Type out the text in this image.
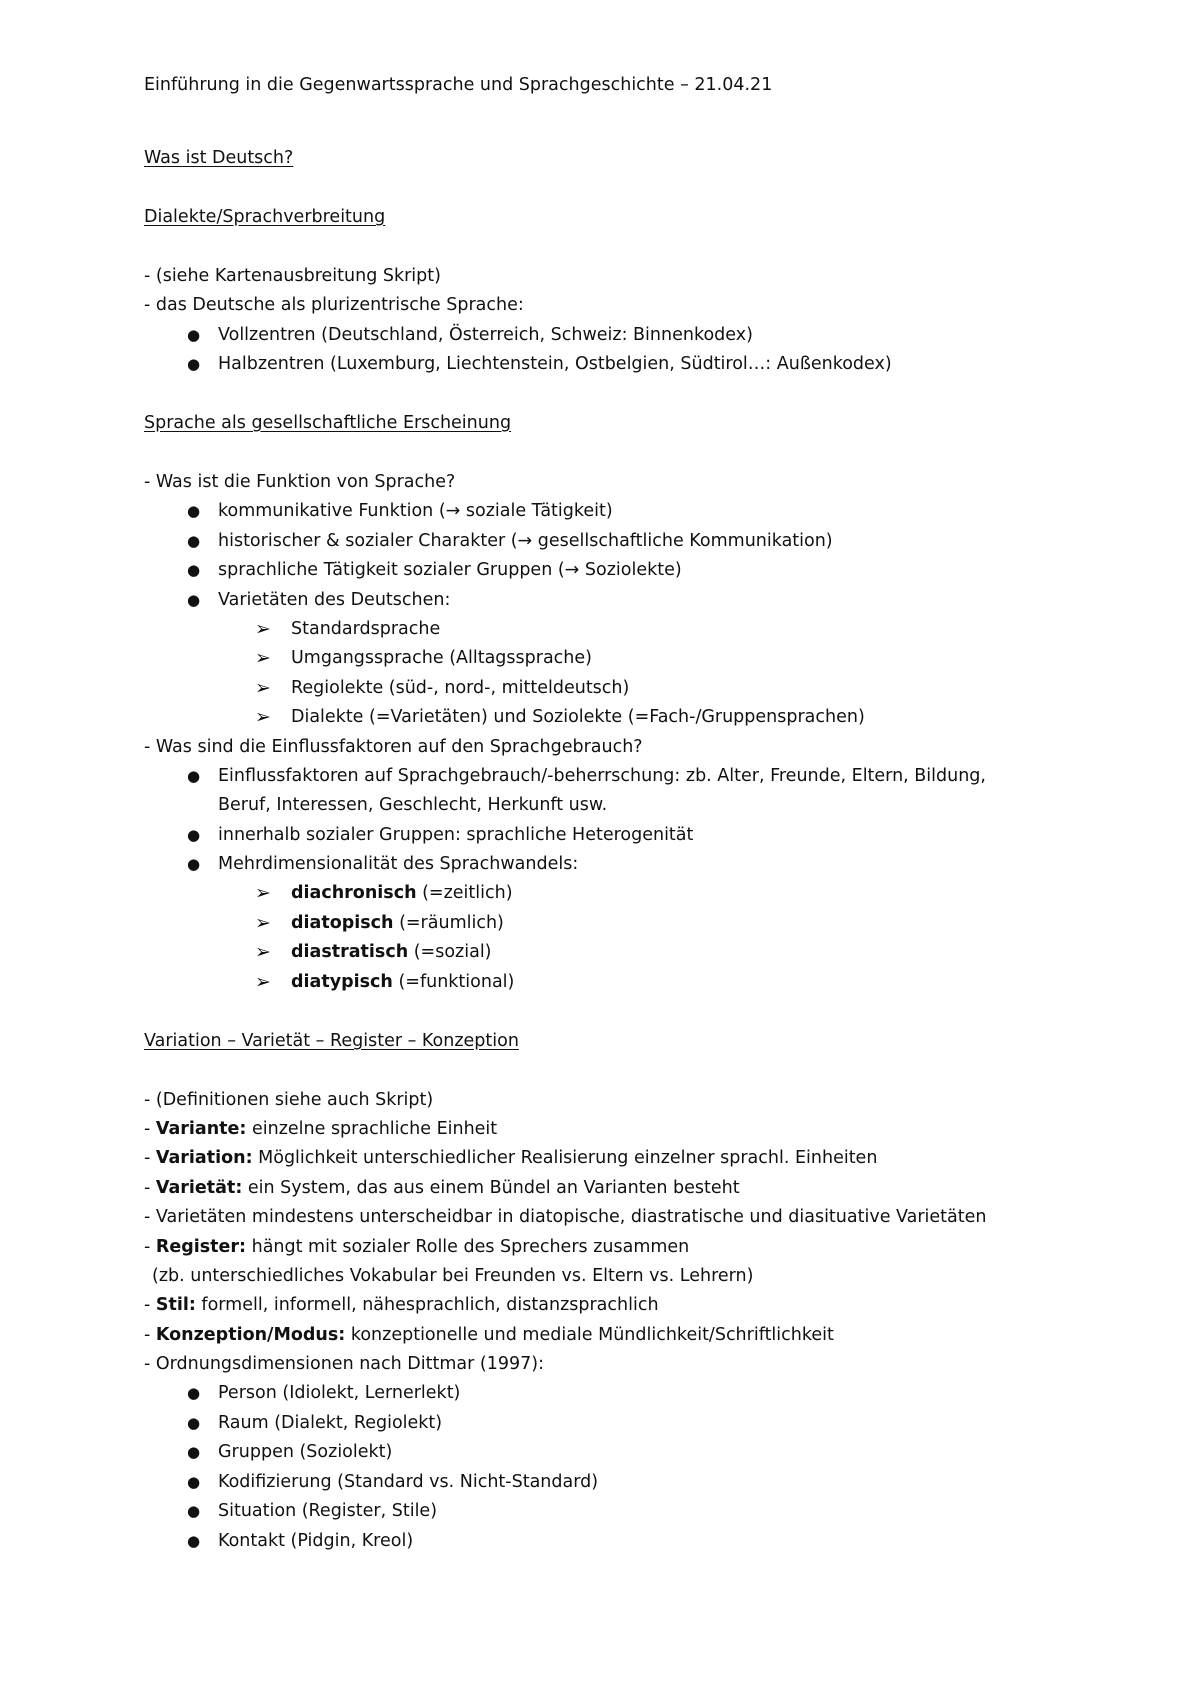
Einführung in die Gegenwartssprache und Sprachgeschichte – 21.04.21
Was ist Deutsch?
Dialekte/Sprachverbreitung
- (siehe Kartenausbreitung Skript)
- das Deutsche als plurizentrische Sprache:
● Vollzentren (Deutschland, Österreich, Schweiz: Binnenkodex)
● Halbzentren (Luxemburg, Liechtenstein, Ostbelgien, Südtirol…: Außenkodex)
Sprache als gesellschaftliche Erscheinung
- Was ist die Funktion von Sprache?
● kommunikative Funktion (→ soziale Tätigkeit)
● historischer & sozialer Charakter (→ gesellschaftliche Kommunikation)
● sprachliche Tätigkeit sozialer Gruppen (→ Soziolekte)
● Varietäten des Deutschen:
➢ Standardsprache
➢ Umgangssprache (Alltagssprache)
➢ Regiolekte (süd-, nord-, mitteldeutsch)
➢ Dialekte (=Varietäten) und Soziolekte (=Fach-/Gruppensprachen)
- Was sind die Einflussfaktoren auf den Sprachgebrauch?
● Einflussfaktoren auf Sprachgebrauch/-beherrschung: zb. Alter, Freunde, Eltern, Bildung,
Beruf, Interessen, Geschlecht, Herkunft usw.
● innerhalb sozialer Gruppen: sprachliche Heterogenität
● Mehrdimensionalität des Sprachwandels:
➢ diachronisch (=zeitlich)
➢ diatopisch (=räumlich)
➢ diastratisch (=sozial)
➢ diatypisch (=funktional)
Variation – Varietät – Register – Konzeption
- (Definitionen siehe auch Skript)
- Variante: einzelne sprachliche Einheit
- Variation: Möglichkeit unterschiedlicher Realisierung einzelner sprachl. Einheiten
- Varietät: ein System, das aus einem Bündel an Varianten besteht
- Varietäten mindestens unterscheidbar in diatopische, diastratische und diasituative Varietäten
- Register: hängt mit sozialer Rolle des Sprechers zusammen
(zb. unterschiedliches Vokabular bei Freunden vs. Eltern vs. Lehrern)
- Stil: formell, informell, nähesprachlich, distanzsprachlich
- Konzeption/Modus: konzeptionelle und mediale Mündlichkeit/Schriftlichkeit
- Ordnungsdimensionen nach Dittmar (1997):
● Person (Idiolekt, Lernerlekt)
● Raum (Dialekt, Regiolekt)
● Gruppen (Soziolekt)
● Kodifizierung (Standard vs. Nicht-Standard)
● Situation (Register, Stile)
● Kontakt (Pidgin, Kreol)
